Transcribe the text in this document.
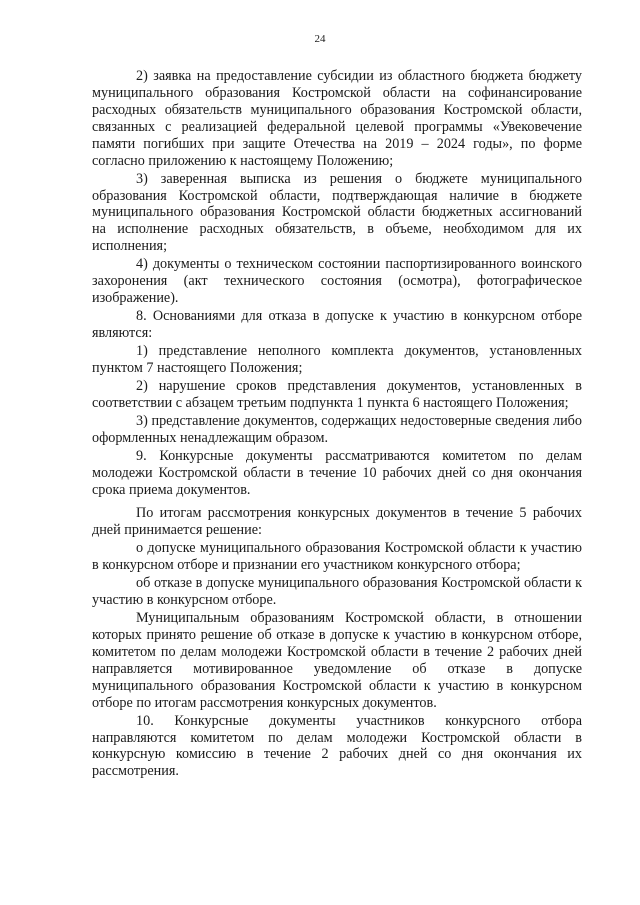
24

2) заявка на предоставление субсидии из областного бюджета бюджету муниципального образования Костромской области на софинансирование расходных обязательств муниципального образования Костромской области, связанных с реализацией федеральной целевой программы «Увековечение памяти погибших при защите Отечества на 2019 – 2024 годы», по форме согласно приложению к настоящему Положению;

3) заверенная выписка из решения о бюджете муниципального образования Костромской области, подтверждающая наличие в бюджете муниципального образования Костромской области бюджетных ассигнований на исполнение расходных обязательств, в объеме, необходимом для их исполнения;

4) документы о техническом состоянии паспортизированного воинского захоронения (акт технического состояния (осмотра), фотографическое изображение).

8. Основаниями для отказа в допуске к участию в конкурсном отборе являются:

1) представление неполного комплекта документов, установленных пунктом 7 настоящего Положения;

2) нарушение сроков представления документов, установленных в соответствии с абзацем третьим подпункта 1 пункта 6 настоящего Положения;

3) представление документов, содержащих недостоверные сведения либо оформленных ненадлежащим образом.

9. Конкурсные документы рассматриваются комитетом по делам молодежи Костромской области в течение 10 рабочих дней со дня окончания срока приема документов.

По итогам рассмотрения конкурсных документов в течение 5 рабочих дней принимается решение:

о допуске муниципального образования Костромской области к участию в конкурсном отборе и признании его участником конкурсного отбора;

об отказе в допуске муниципального образования Костромской области к участию в конкурсном отборе.

Муниципальным образованиям Костромской области, в отношении которых принято решение об отказе в допуске к участию в конкурсном отборе, комитетом по делам молодежи Костромской области в течение 2 рабочих дней направляется мотивированное уведомление об отказе в допуске муниципального образования Костромской области к участию в конкурсном отборе по итогам рассмотрения конкурсных документов.

10. Конкурсные документы участников конкурсного отбора направляются комитетом по делам молодежи Костромской области в конкурсную комиссию в течение 2 рабочих дней со дня окончания их рассмотрения.
